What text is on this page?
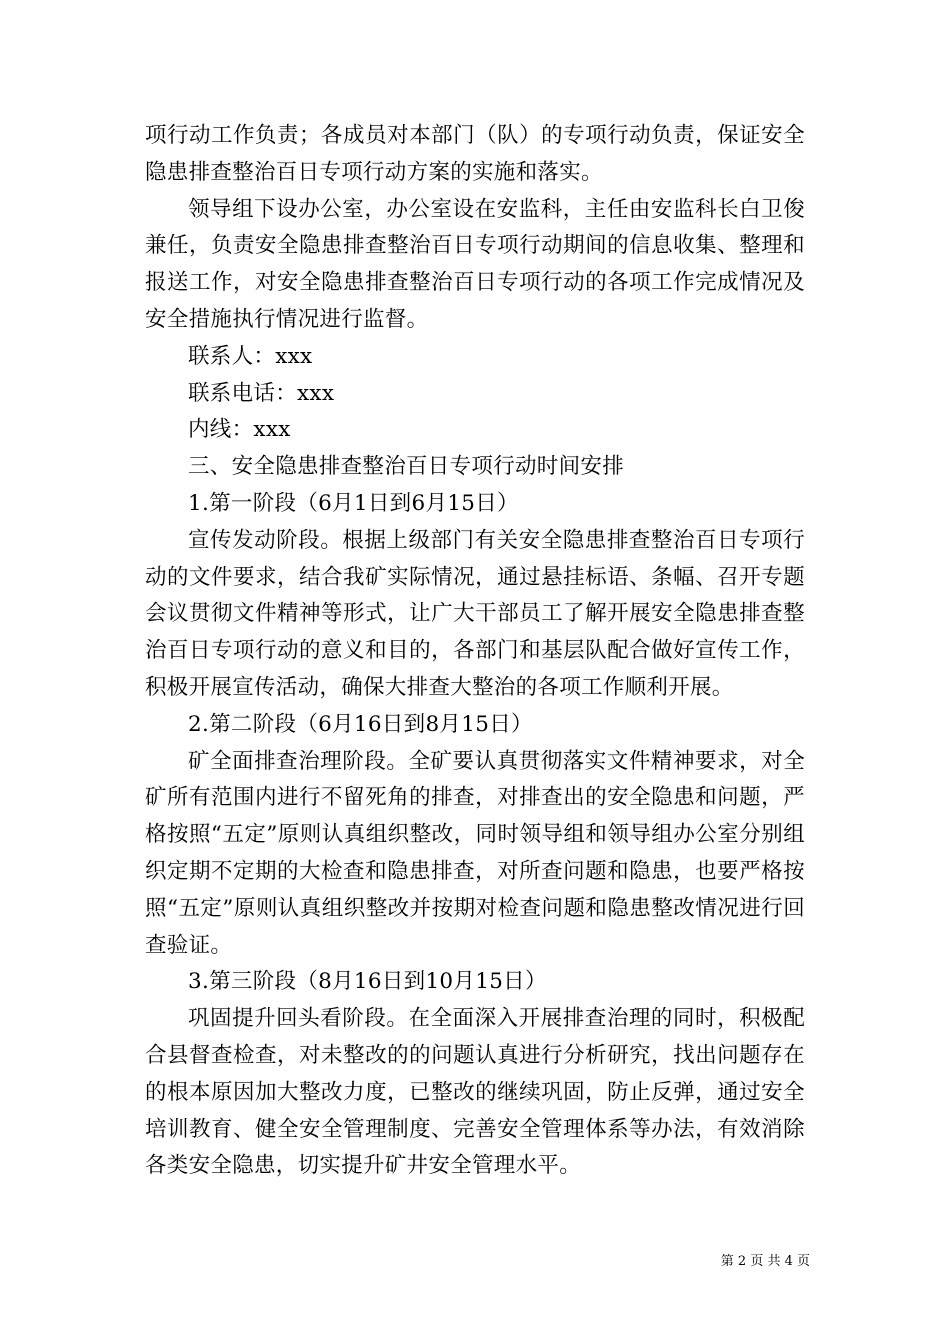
项行动工作负责；各成员对本部门（队）的专项行动负责，保证安全隐患排查整治百日专项行动方案的实施和落实。

领导组下设办公室，办公室设在安监科，主任由安监科长白卫俊兼任，负责安全隐患排查整治百日专项行动期间的信息收集、整理和报送工作，对安全隐患排查整治百日专项行动的各项工作完成情况及安全措施执行情况进行监督。

联系人：xxx

联系电话：xxx

内线：xxx

三、安全隐患排查整治百日专项行动时间安排

1.第一阶段（6月1日到6月15日）

宣传发动阶段。根据上级部门有关安全隐患排查整治百日专项行动的文件要求，结合我矿实际情况，通过悬挂标语、条幅、召开专题会议贯彻文件精神等形式，让广大干部员工了解开展安全隐患排查整治百日专项行动的意义和目的，各部门和基层队配合做好宣传工作，积极开展宣传活动，确保大排查大整治的各项工作顺利开展。

2.第二阶段（6月16日到8月15日）

矿全面排查治理阶段。全矿要认真贯彻落实文件精神要求，对全矿所有范围内进行不留死角的排查，对排查出的安全隐患和问题，严格按照“五定”原则认真组织整改，同时领导组和领导组办公室分别组织定期不定期的大检查和隐患排查，对所查问题和隐患，也要严格按照“五定”原则认真组织整改并按期对检查问题和隐患整改情况进行回查验证。

3.第三阶段（8月16日到10月15日）

巩固提升回头看阶段。在全面深入开展排查治理的同时，积极配合县督查检查，对未整改的的问题认真进行分析研究，找出问题存在的根本原因加大整改力度，已整改的继续巩固，防止反弹，通过安全培训教育、健全安全管理制度、完善安全管理体系等办法，有效消除各类安全隐患，切实提升矿井安全管理水平。

第 2 页 共 4 页
